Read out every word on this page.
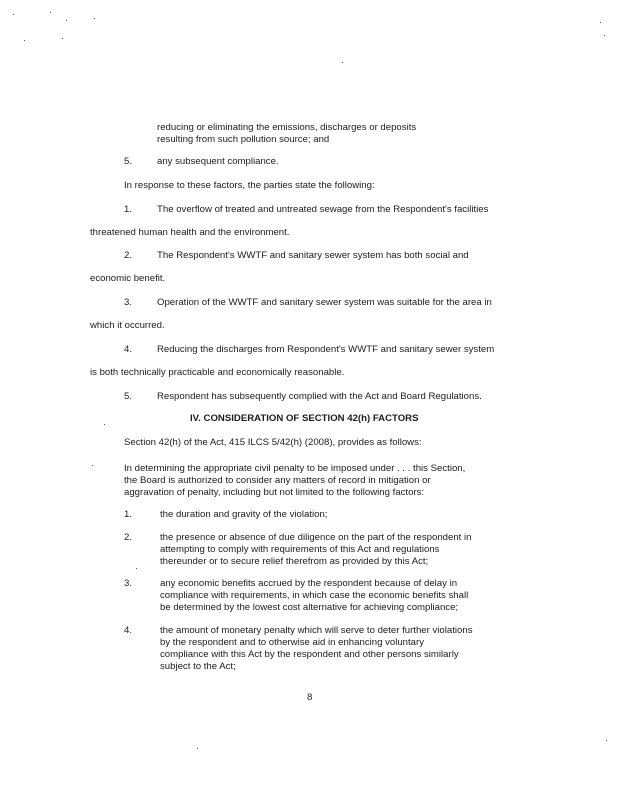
reducing or eliminating the emissions, discharges or deposits
resulting from such pollution source; and
5.	any subsequent compliance.
In response to these factors, the parties state the following:
1.	The overflow of treated and untreated sewage from the Respondent's facilities
threatened human health and the environment.
2.	The Respondent's WWTF and sanitary sewer system has both social and
economic benefit.
3.	Operation of the WWTF and sanitary sewer system was suitable for the area in
which it occurred.
4.	Reducing the discharges from Respondent's WWTF and sanitary sewer system
is both technically practicable and economically reasonable.
5.	Respondent has subsequently complied with the Act and Board Regulations.
IV. CONSIDERATION OF SECTION 42(h) FACTORS
Section 42(h) of the Act, 415 ILCS 5/42(h) (2008), provides as follows:
In determining the appropriate civil penalty to be imposed under . . . this Section,
the Board is authorized to consider any matters of record in mitigation or
aggravation of penalty, including but not limited to the following factors:
1.	the duration and gravity of the violation;
2.	the presence or absence of due diligence on the part of the respondent in
attempting to comply with requirements of this Act and regulations
thereunder or to secure relief therefrom as provided by this Act;
3.	any economic benefits accrued by the respondent because of delay in
compliance with requirements, in which case the economic benefits shall
be determined by the lowest cost alternative for achieving compliance;
4.	the amount of monetary penalty which will serve to deter further violations
by the respondent and to otherwise aid in enhancing voluntary
compliance with this Act by the respondent and other persons similarly
subject to the Act;
8
